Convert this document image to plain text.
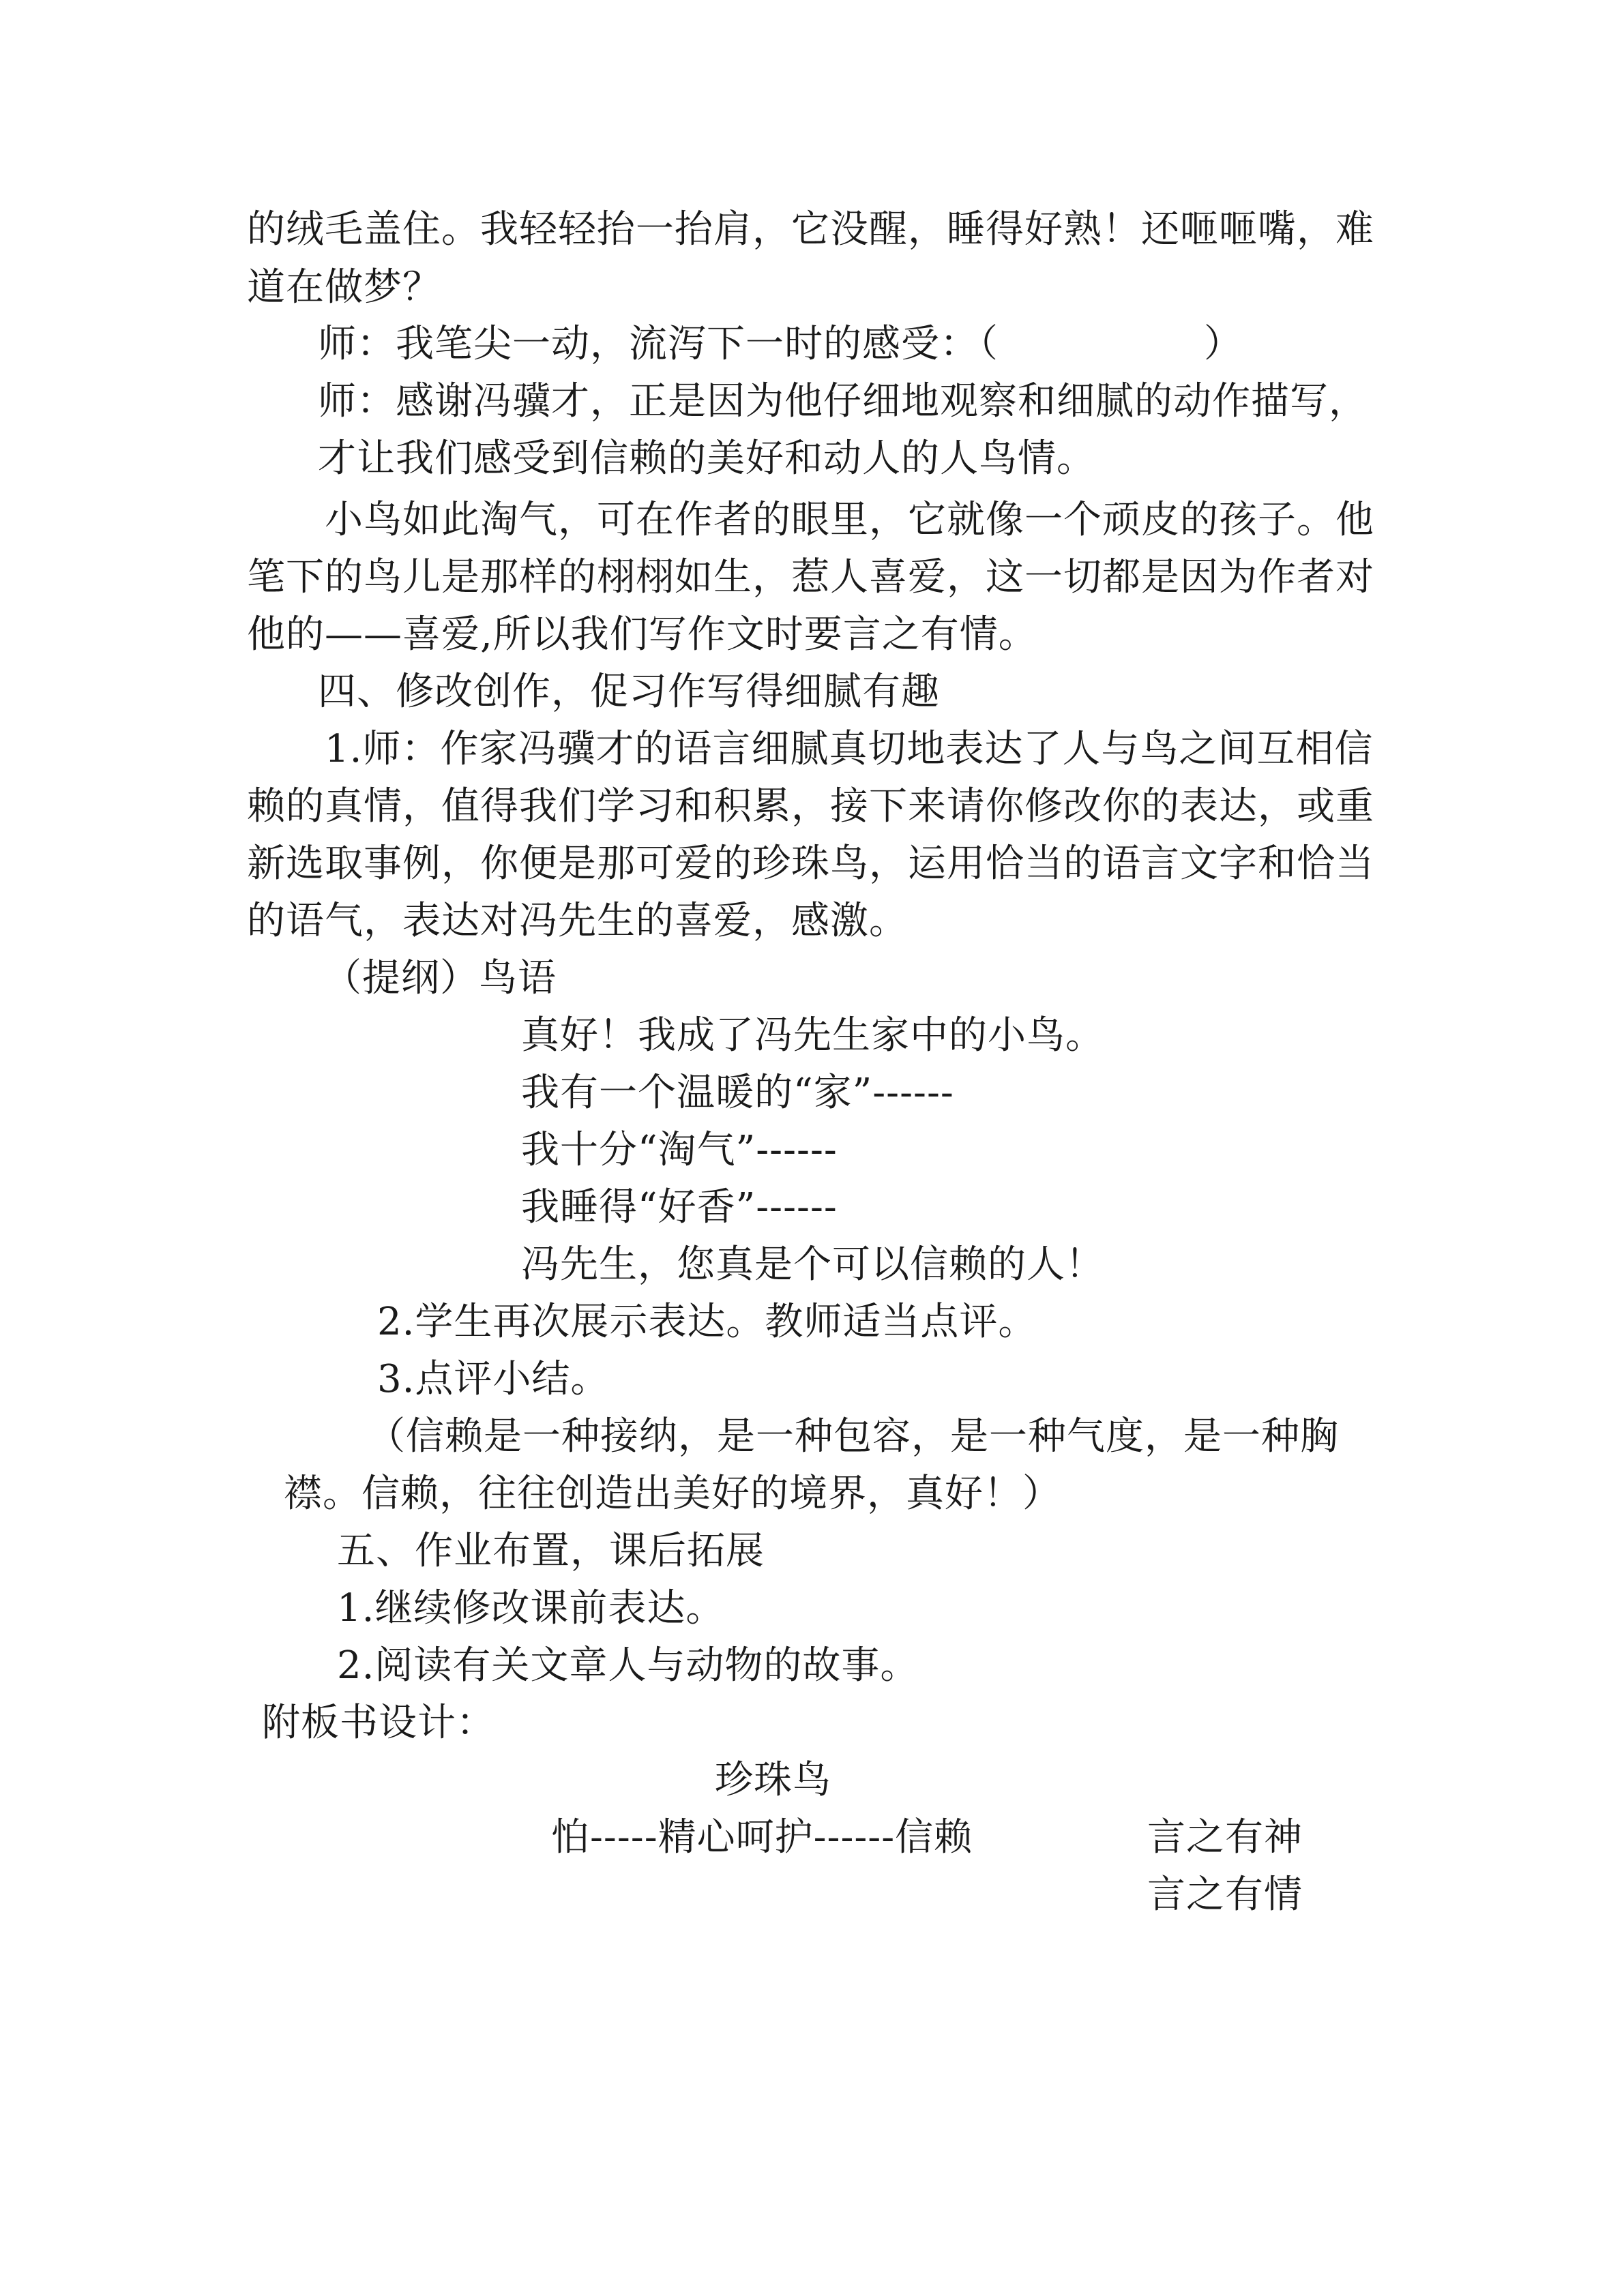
的绒毛盖住。我轻轻抬一抬肩，它没醒，睡得好熟！还咂咂嘴，难

道在做梦？

师：我笔尖一动，流泻下一时的感受：（                ）

师：感谢冯骥才，正是因为他仔细地观察和细腻的动作描写，

才让我们感受到信赖的美好和动人的人鸟情。

小鸟如此淘气，可在作者的眼里，它就像一个顽皮的孩子。他

笔下的鸟儿是那样的栩栩如生，惹人喜爱，这一切都是因为作者对

他的——喜爱,所以我们写作文时要言之有情。

四、修改创作，促习作写得细腻有趣

1.师：作家冯骥才的语言细腻真切地表达了人与鸟之间互相信

赖的真情，值得我们学习和积累，接下来请你修改你的表达，或重

新选取事例，你便是那可爱的珍珠鸟，运用恰当的语言文字和恰当

的语气，表达对冯先生的喜爱，感激。

（提纲）鸟语

真好！我成了冯先生家中的小鸟。

我有一个温暖的“家”------

我十分“淘气”------

我睡得“好香”------

冯先生，您真是个可以信赖的人！

2.学生再次展示表达。教师适当点评。

3.点评小结。

（信赖是一种接纳，是一种包容，是一种气度，是一种胸

襟。信赖，往往创造出美好的境界，真好！）

五、作业布置，课后拓展

1.继续修改课前表达。

2.阅读有关文章人与动物的故事。

附板书设计：

珍珠鸟

怕-----精心呵护------信赖	言之有神

言之有情
